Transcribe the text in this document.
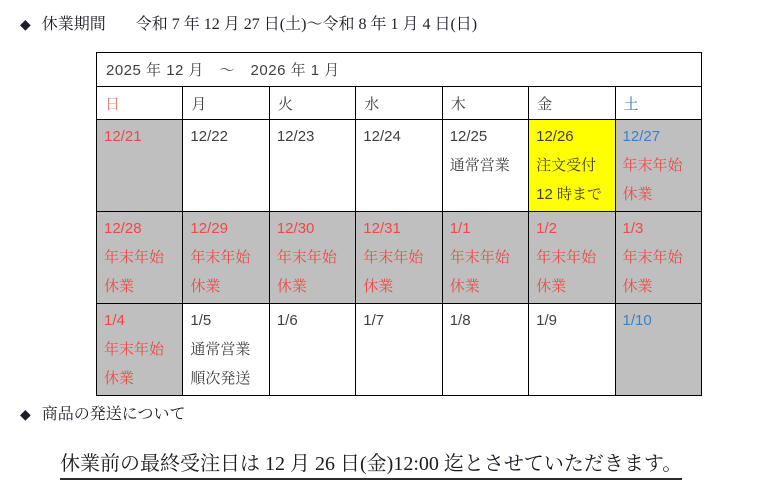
◆ 休業期間 令和 7 年 12 月 27 日(土)～令和 8 年 1 月 4 日(日)
2025 年 12 月　～　2026 年 1 月						
日	月	火	水	木	金	土

12/21	12/22	12/23	12/24	12/25
通常営業	12/26
注文受付
12 時まで	12/27
年末年始
休業

12/28
年末年始
休業	12/29
年末年始
休業	12/30
年末年始
休業	12/31
年末年始
休業	1/1
年末年始
休業	1/2
年末年始
休業	1/3
年末年始
休業

1/4
年末年始
休業	1/5
通常営業
順次発送	1/6	1/7	1/8	1/9	1/10
◆ 商品の発送について
休業前の最終受注日は 12 月 26 日(金)12:00 迄とさせていただきます。
